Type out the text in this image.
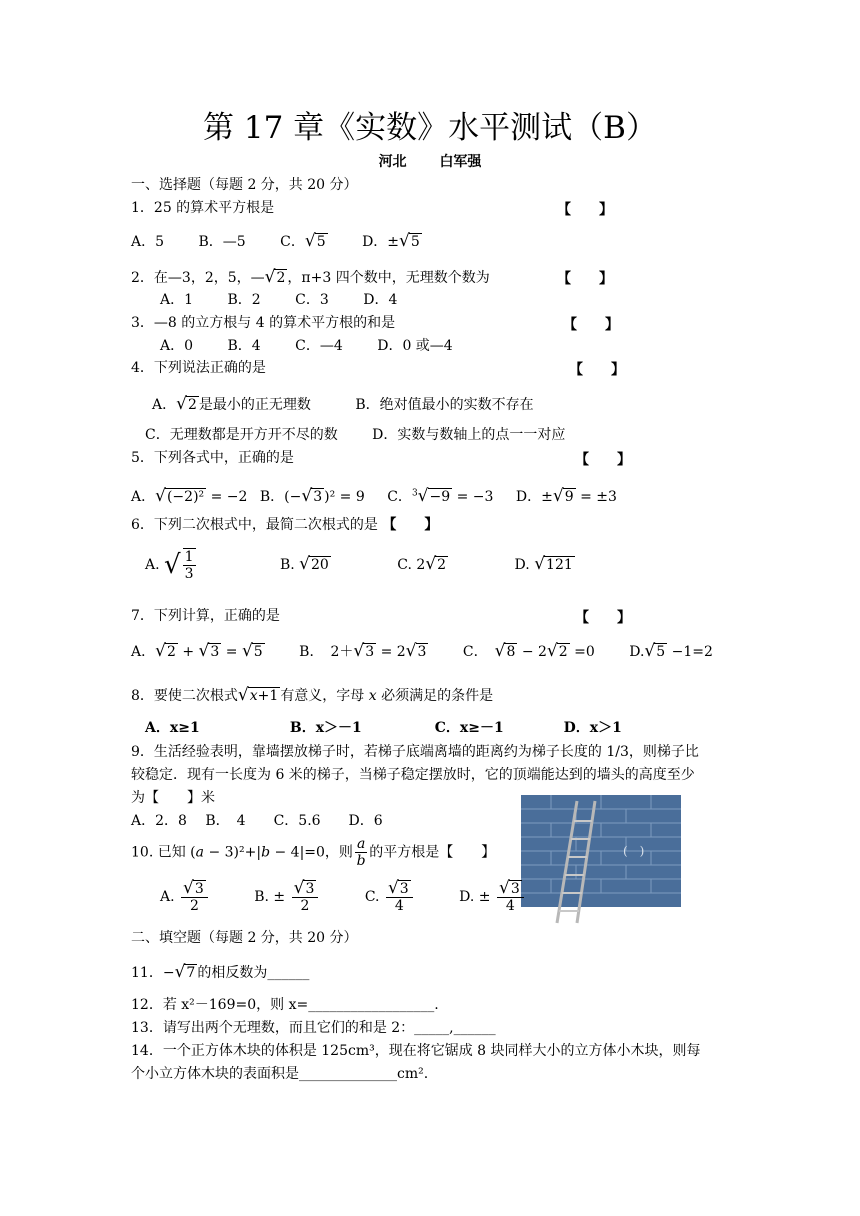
第 17 章《实数》水平测试（B）
河北 白军强
一、选择题（每题 2 分，共 20 分）
1．25 的算术平方根是	【　　】
A．5 B．—5 C．√5	D．±√5
2．在—3，2，5，—√2 ，π+3 四个数中，无理数个数为	【　　】
A．1 B．2 C．3 D．4
3．—8 的立方根与 4 的算术平方根的和是	【　　】
A．0 B．4 C．—4 D．0 或—4
4．下列说法正确的是	【　　】
A．√2 是最小的正无理数	B．绝对值最小的实数不存在
C．无理数都是开方开不尽的数 D．实数与数轴上的点一一对应
5．下列各式中，正确的是	【　　】
A．√(−2)² = −2 B．(−√3 )² = 9 C．$^3$√−9 = −3 D．±√9 = ±3
6．下列二次根式中，最简二次根式的是 【　　】
A. √ $\frac{1}{3}$	B. √20	C. 2√2	D. √121
7．下列计算，正确的是	【　　】
A．√2 + √3 = √5	B．　2＋√3 = 2√3	C．　√8 − 2√2 =0 D.√5 −1=2
8．要使二次根式√x+1 有意义，字母 x 必须满足的条件是
A．x≥1	B．x＞－1	C．x≥－1	D．x＞1
9．生活经验表明，靠墙摆放梯子时，若梯子底端离墙的距离约为梯子长度的 1/3，则梯子比
较稳定．现有一长度为 6 米的梯子，当梯子稳定摆放时，它的顶端能达到的墙头的高度至少
为【　　】米
A．2．8　 B．　4　　C．5.6　　D．6
(　)
10. 已知 (a − 3)²+|b − 4|=0，则 $\frac{a}{b}$ 的平方根是【　　】
A. $\frac{√3}{2}$	B. ± $\frac{√3}{2}$	C. $\frac{√3}{4}$	D. ± $\frac{√3}{4}$
二、填空题（每题 2 分，共 20 分）
11．−√7 的相反数为______
12．若 x²－169=0，则 x=__________________.
13．请写出两个无理数，而且它们的和是 2：_____,______
14．一个正方体木块的体积是 125cm³，现在将它锯成 8 块同样大小的立方体小木块，则每
个小立方体木块的表面积是______________cm².
